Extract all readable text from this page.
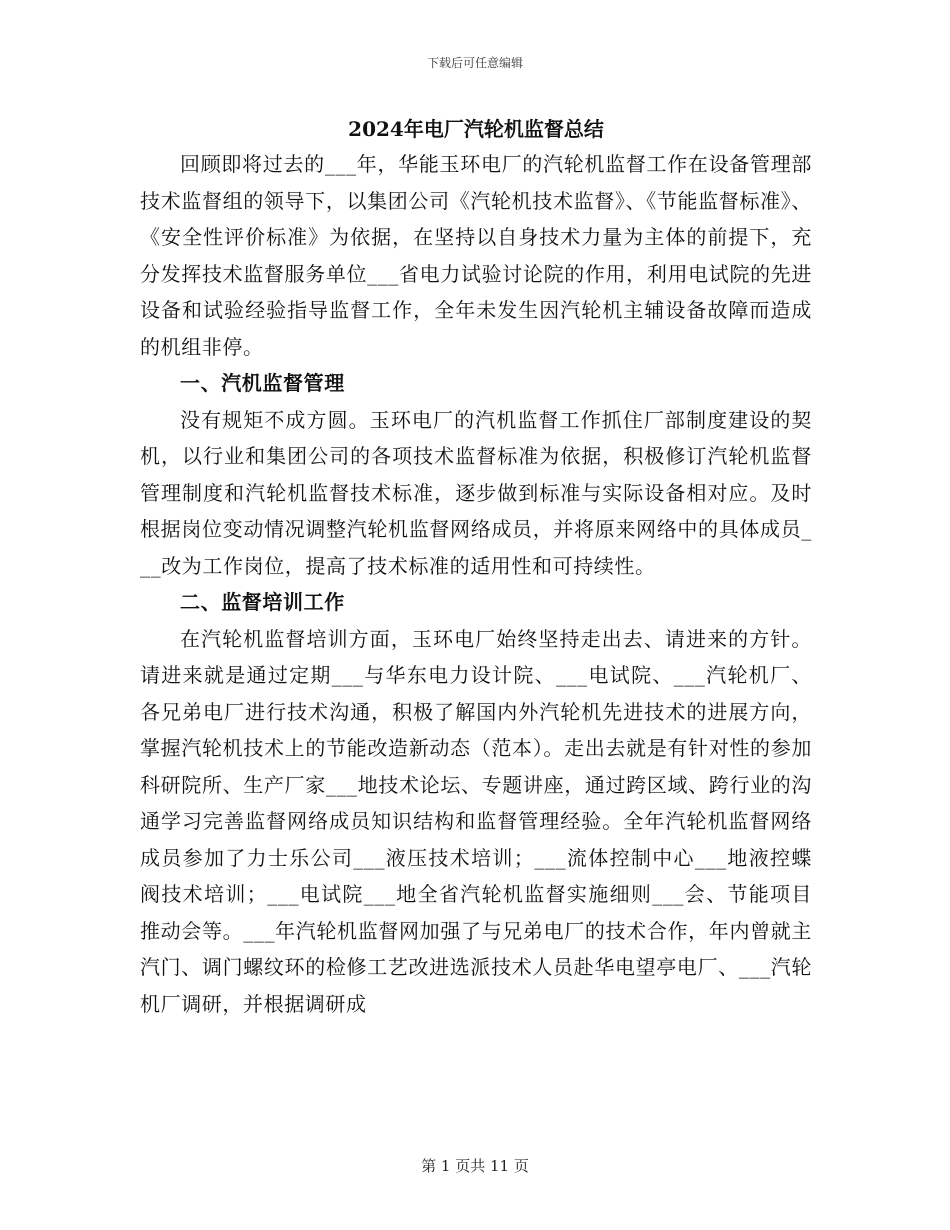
下载后可任意编辑
2024年电厂汽轮机监督总结

回顾即将过去的___年，华能玉环电厂的汽轮机监督工作在设备管理部技术监督组的领导下，以集团公司《汽轮机技术监督》、《节能监督标准》、《安全性评价标准》为依据，在坚持以自身技术力量为主体的前提下，充分发挥技术监督服务单位___省电力试验讨论院的作用，利用电试院的先进设备和试验经验指导监督工作，全年未发生因汽轮机主辅设备故障而造成的机组非停。

一、汽机监督管理

没有规矩不成方圆。玉环电厂的汽机监督工作抓住厂部制度建设的契机，以行业和集团公司的各项技术监督标准为依据，积极修订汽轮机监督管理制度和汽轮机监督技术标准，逐步做到标准与实际设备相对应。及时根据岗位变动情况调整汽轮机监督网络成员，并将原来网络中的具体成员___改为工作岗位，提高了技术标准的适用性和可持续性。

二、监督培训工作

在汽轮机监督培训方面，玉环电厂始终坚持走出去、请进来的方针。请进来就是通过定期___与华东电力设计院、___电试院、___汽轮机厂、各兄弟电厂进行技术沟通，积极了解国内外汽轮机先进技术的进展方向，掌握汽轮机技术上的节能改造新动态（范本）。走出去就是有针对性的参加科研院所、生产厂家___地技术论坛、专题讲座，通过跨区域、跨行业的沟通学习完善监督网络成员知识结构和监督管理经验。全年汽轮机监督网络成员参加了力士乐公司___液压技术培训；___流体控制中心___地液控蝶阀技术培训；___电试院___地全省汽轮机监督实施细则___会、节能项目推动会等。___年汽轮机监督网加强了与兄弟电厂的技术合作，年内曾就主汽门、调门螺纹环的检修工艺改进选派技术人员赴华电望亭电厂、___汽轮机厂调研，并根据调研成

第 1 页共 11 页
